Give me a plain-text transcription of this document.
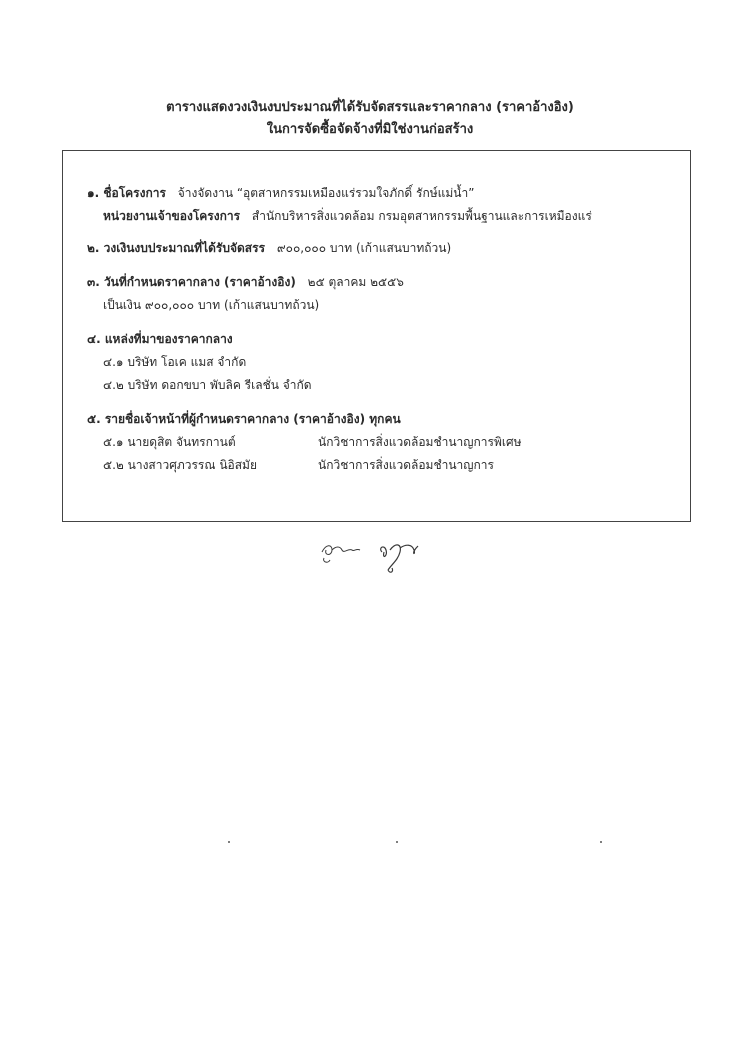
ตารางแสดงวงเงินงบประมาณที่ได้รับจัดสรรและราคากลาง (ราคาอ้างอิง)
ในการจัดซื้อจัดจ้างที่มิใช่งานก่อสร้าง
๑. ชื่อโครงการ จ้างจัดงาน “อุตสาหกรรมเหมืองแร่รวมใจภักดิ์ รักษ์แม่น้ำ”
หน่วยงานเจ้าของโครงการ สำนักบริหารสิ่งแวดล้อม กรมอุตสาหกรรมพื้นฐานและการเหมืองแร่
๒. วงเงินงบประมาณที่ได้รับจัดสรร ๙๐๐,๐๐๐ บาท (เก้าแสนบาทถ้วน)
๓. วันที่กำหนดราคากลาง (ราคาอ้างอิง) ๒๕ ตุลาคม ๒๕๕๖
เป็นเงิน ๙๐๐,๐๐๐ บาท (เก้าแสนบาทถ้วน)
๔. แหล่งที่มาของราคากลาง
๔.๑ บริษัท โอเค แมส จำกัด
๔.๒ บริษัท ดอกขบา พับลิค รีเลชั่น จำกัด
๕. รายชื่อเจ้าหน้าที่ผู้กำหนดราคากลาง (ราคาอ้างอิง) ทุกคน
๕.๑ นายดุสิต จันทรกานต์	นักวิชาการสิ่งแวดล้อมชำนาญการพิเศษ
๕.๒ นางสาวศุภวรรณ นิอิสมัย	นักวิชาการสิ่งแวดล้อมชำนาญการ
